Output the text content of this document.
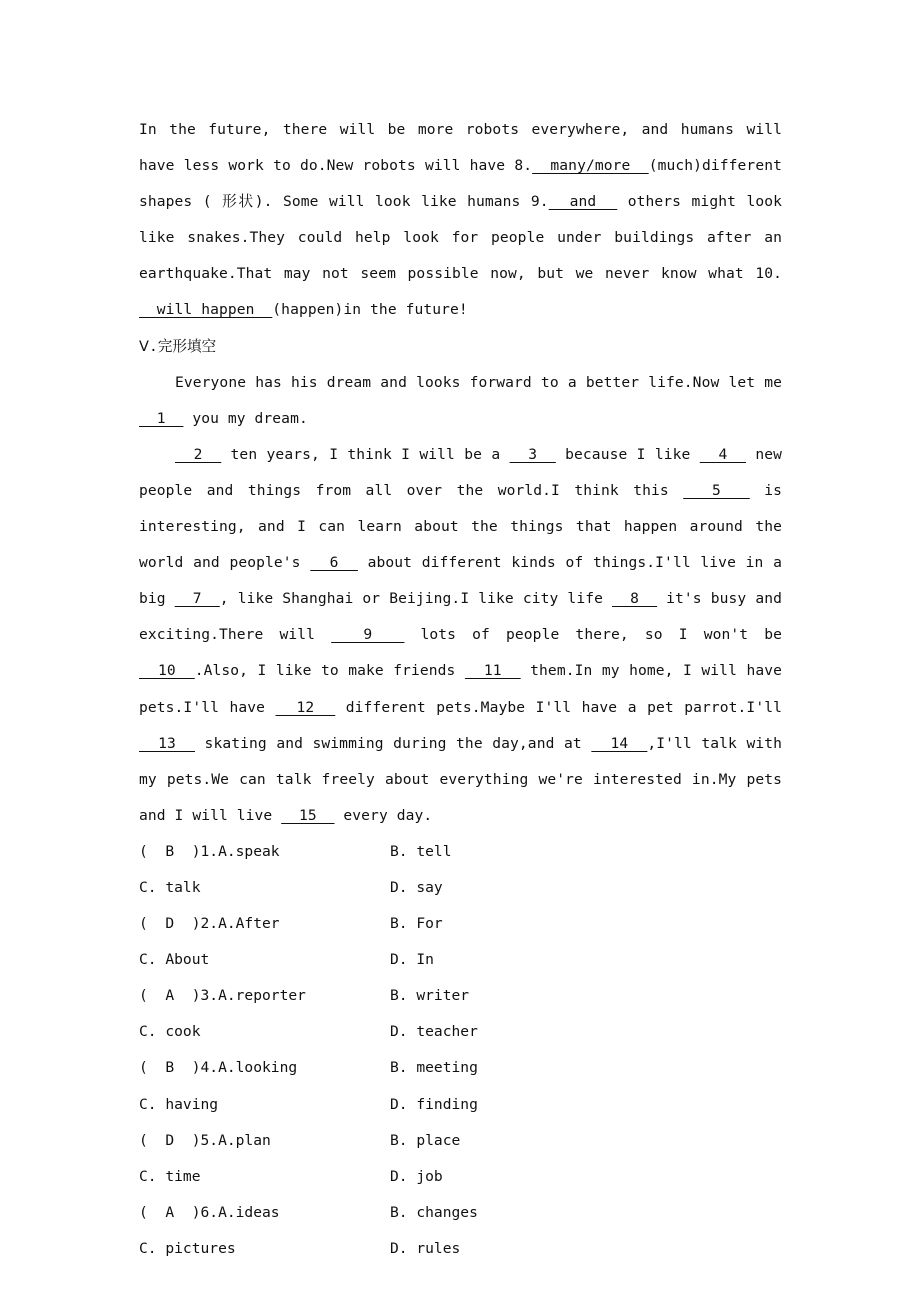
In the future, there will be more robots everywhere, and humans will have less work to do.New robots will have 8.  many/more  (much)different shapes ( 形状). Some will look like humans 9.  and   others might look like snakes.They could help look for people under buildings after an earthquake.That may not seem possible now, but we never know what 10.  will happen  (happen)in the future!

Ⅴ.完形填空

Everyone has his dream and looks forward to a better life.Now let me   1   you my dream.

2   ten years, I think I will be a   3   because I like   4   new people and things from all over the world.I think this   5   is interesting, and I can learn about the things that happen around the world and people's   6   about different kinds of things.I'll live in a big   7  , like Shanghai or Beijing.I like city life   8   it's busy and exciting.There will   9   lots of people there, so I won't be   10  .Also, I like to make friends   11   them.In my home, I will have pets.I'll have   12   different pets.Maybe I'll have a pet parrot.I'll   13   skating and swimming during the day,and at   14  ,I'll talk with my pets.We can talk freely about everything we're interested in.My pets and I will live   15   every day.

(  B  )1.A.speak	B. tell
C. talk	D. say
(  D  )2.A.After	B. For
C. About	D. In
(  A  )3.A.reporter	B. writer
C. cook	D. teacher
(  B  )4.A.looking	B. meeting
C. having	D. finding
(  D  )5.A.plan	B. place
C. time	D. job
(  A  )6.A.ideas	B. changes
C. pictures	D. rules
